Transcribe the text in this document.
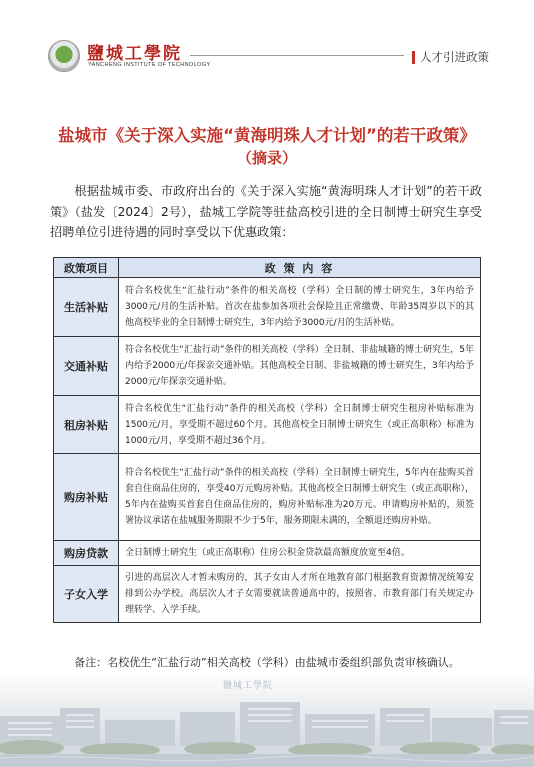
鹽城工學院
YANCHENG INSTITUTE OF TECHNOLOGY
人才引进政策
盐城市《关于深入实施“黄海明珠人才计划”的若干政策》
（摘录）
根据盐城市委、市政府出台的《关于深入实施“黄海明珠人才计划”的若干政策》（盐发〔2024〕2号），盐城工学院等驻盐高校引进的全日制博士研究生享受招聘单位引进待遇的同时享受以下优惠政策：
政策项目	政 策 内 容
生活补贴	符合名校优生“汇盐行动”条件的相关高校（学科）全日制的博士研究生，3年内给予3000元/月的生活补贴。首次在盐参加各项社会保险且正常缴费、年龄35周岁以下的其他高校毕业的全日制博士研究生，3年内给予3000元/月的生活补贴。
交通补贴	符合名校优生“汇盐行动”条件的相关高校（学科）全日制、非盐城籍的博士研究生，5年内给予2000元/年探亲交通补贴。其他高校全日制、非盐城籍的博士研究生，3年内给予2000元/年探亲交通补贴。
租房补贴	符合名校优生“汇盐行动”条件的相关高校（学科）全日制博士研究生租房补贴标准为1500元/月，享受期不超过60个月。其他高校全日制博士研究生（或正高职称）标准为1000元/月，享受期不超过36个月。
购房补贴	符合名校优生“汇盐行动”条件的相关高校（学科）全日制博士研究生，5年内在盐购买首套自住商品住房的，享受40万元购房补贴。其他高校全日制博士研究生（或正高职称），5年内在盐购买首套自住商品住房的，购房补贴标准为20万元。申请购房补贴的，须签署协议承诺在盐城服务期限不少于5年，服务期限未满的，全额退还购房补贴。
购房贷款	全日制博士研究生（或正高职称）住房公积金贷款最高额度放宽至4倍。
子女入学	引进的高层次人才暂未购房的，其子女由人才所在地教育部门根据教育资源情况统筹安排到公办学校。高层次人才子女需要就读普通高中的，按照省、市教育部门有关规定办理转学、入学手续。
备注：名校优生“汇盐行动”相关高校（学科）由盐城市委组织部负责审核确认。
鹽城工學院
